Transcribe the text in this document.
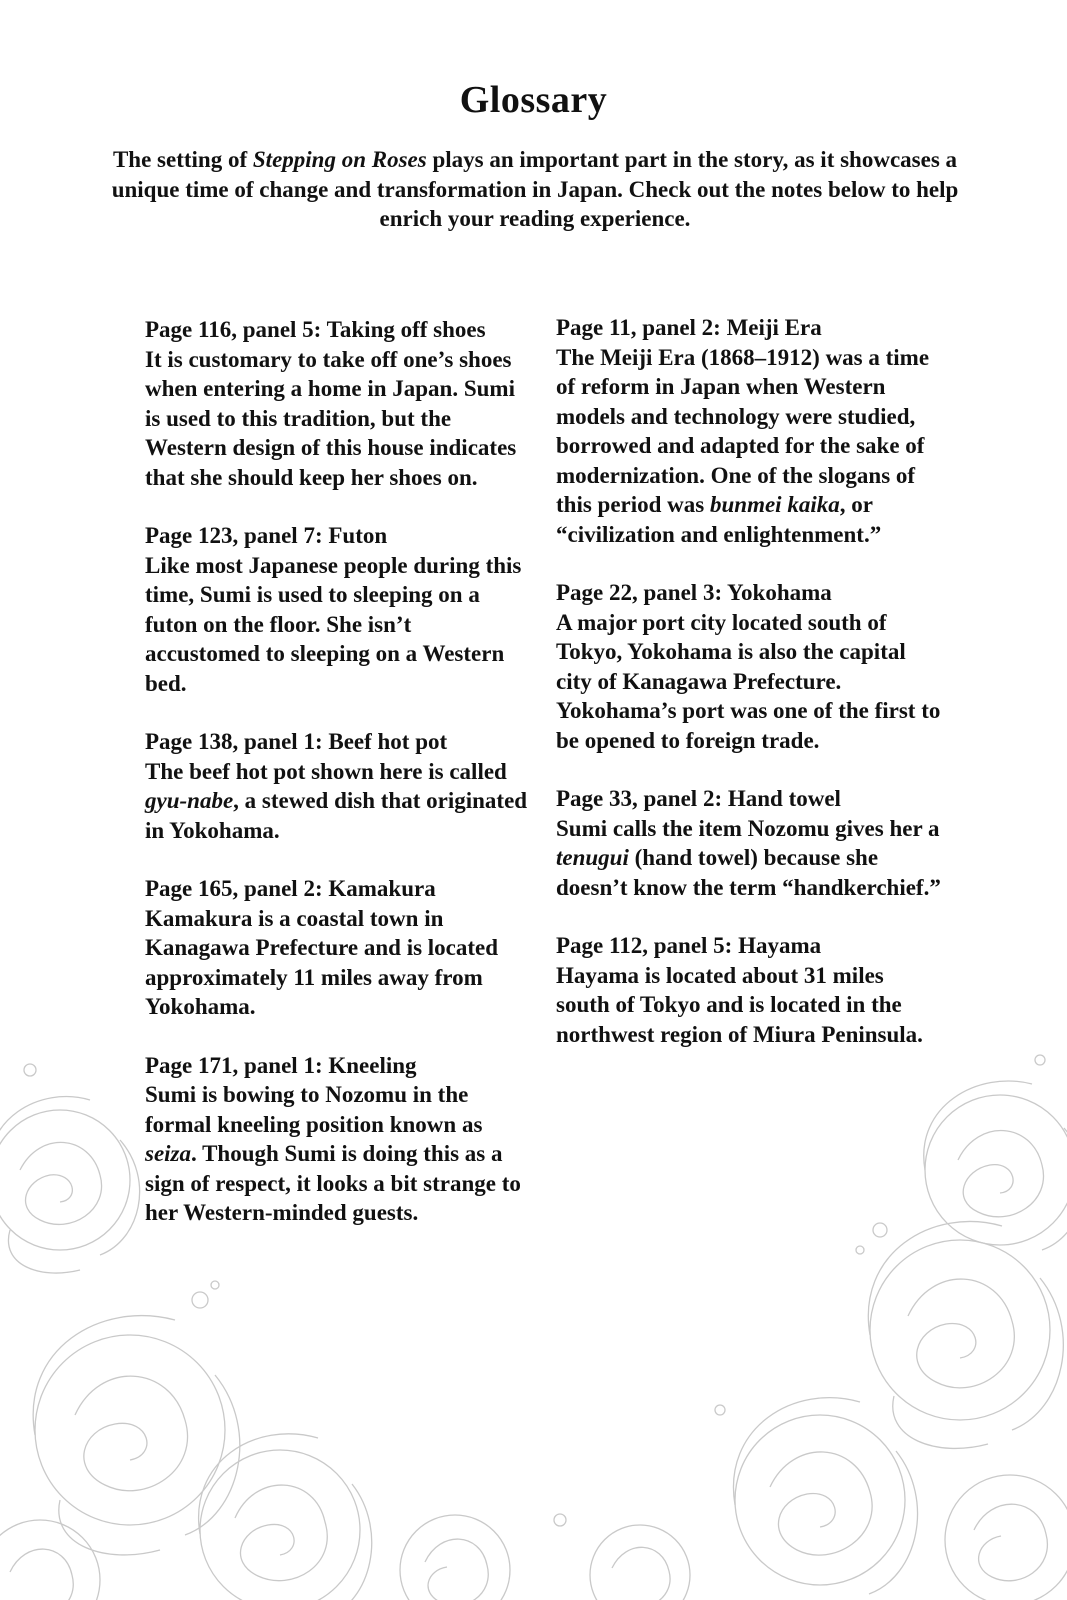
Glossary

The setting of Stepping on Roses plays an important part in the story, as it showcases a unique time of change and transformation in Japan. Check out the notes below to help enrich your reading experience.

Page 116, panel 5: Taking off shoes
It is customary to take off one’s shoes when entering a home in Japan. Sumi is used to this tradition, but the Western design of this house indicates that she should keep her shoes on.
Page 123, panel 7: Futon
Like most Japanese people during this time, Sumi is used to sleeping on a futon on the floor. She isn’t accustomed to sleeping on a Western bed.
Page 138, panel 1: Beef hot pot
The beef hot pot shown here is called gyu-nabe, a stewed dish that originated in Yokohama.
Page 165, panel 2: Kamakura
Kamakura is a coastal town in Kanagawa Prefecture and is located approximately 11 miles away from Yokohama.
Page 171, panel 1: Kneeling
Sumi is bowing to Nozomu in the formal kneeling position known as seiza. Though Sumi is doing this as a sign of respect, it looks a bit strange to her Western-minded guests.
Page 11, panel 2: Meiji Era
The Meiji Era (1868–1912) was a time of reform in Japan when Western models and technology were studied, borrowed and adapted for the sake of modernization. One of the slogans of this period was bunmei kaika, or “civilization and enlightenment.”
Page 22, panel 3: Yokohama
A major port city located south of Tokyo, Yokohama is also the capital city of Kanagawa Prefecture. Yokohama’s port was one of the first to be opened to foreign trade.
Page 33, panel 2: Hand towel
Sumi calls the item Nozomu gives her a tenugui (hand towel) because she doesn’t know the term “handkerchief.”
Page 112, panel 5: Hayama
Hayama is located about 31 miles south of Tokyo and is located in the northwest region of Miura Peninsula.
